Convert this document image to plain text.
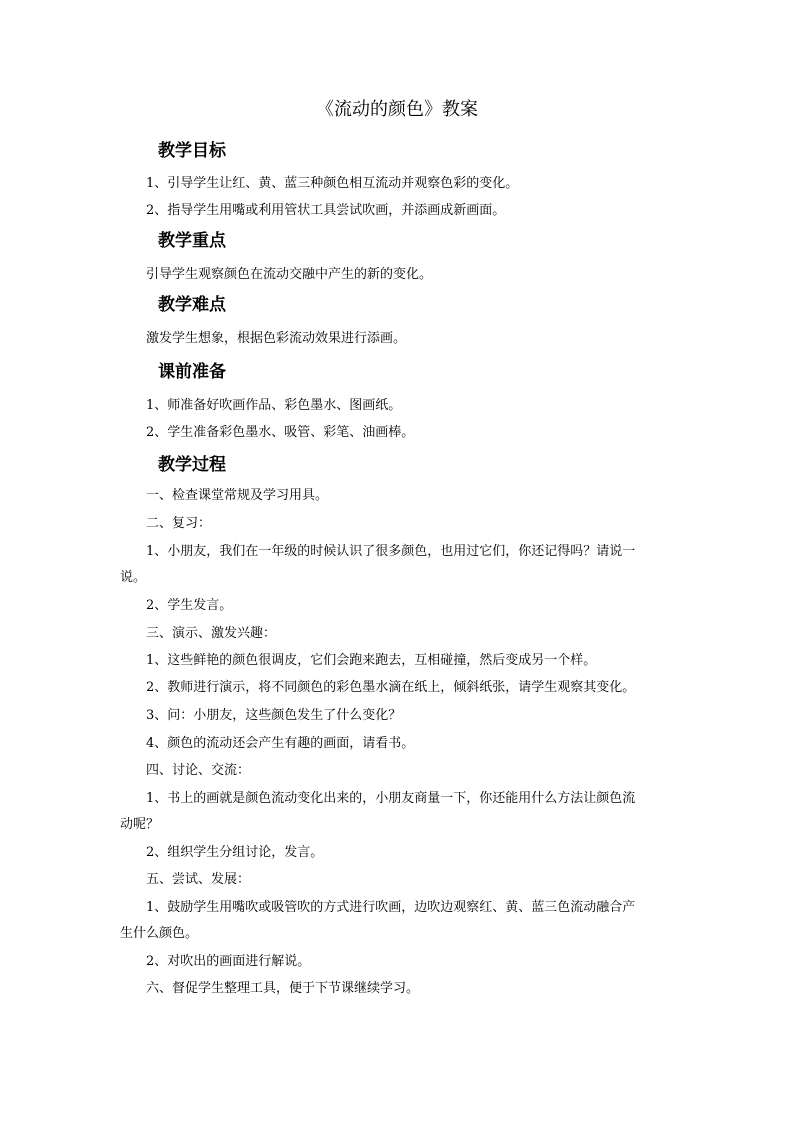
《流动的颜色》教案
教学目标
1、引导学生让红、黄、蓝三种颜色相互流动并观察色彩的变化。
2、指导学生用嘴或利用管状工具尝试吹画，并添画成新画面。
教学重点
引导学生观察颜色在流动交融中产生的新的变化。
教学难点
激发学生想象，根据色彩流动效果进行添画。
课前准备
1、师准备好吹画作品、彩色墨水、图画纸。
2、学生准备彩色墨水、吸管、彩笔、油画棒。
教学过程
一、检查课堂常规及学习用具。
二、复习：
1、小朋友，我们在一年级的时候认识了很多颜色，也用过它们，你还记得吗？请说一
说。
2、学生发言。
三、演示、激发兴趣：
1、这些鲜艳的颜色很调皮，它们会跑来跑去，互相碰撞，然后变成另一个样。
2、教师进行演示，将不同颜色的彩色墨水滴在纸上，倾斜纸张，请学生观察其变化。
3、问：小朋友，这些颜色发生了什么变化？
4、颜色的流动还会产生有趣的画面，请看书。
四、讨论、交流：
1、书上的画就是颜色流动变化出来的，小朋友商量一下，你还能用什么方法让颜色流
动呢？
2、组织学生分组讨论，发言。
五、尝试、发展：
1、鼓励学生用嘴吹或吸管吹的方式进行吹画，边吹边观察红、黄、蓝三色流动融合产
生什么颜色。
2、对吹出的画面进行解说。
六、督促学生整理工具，便于下节课继续学习。
